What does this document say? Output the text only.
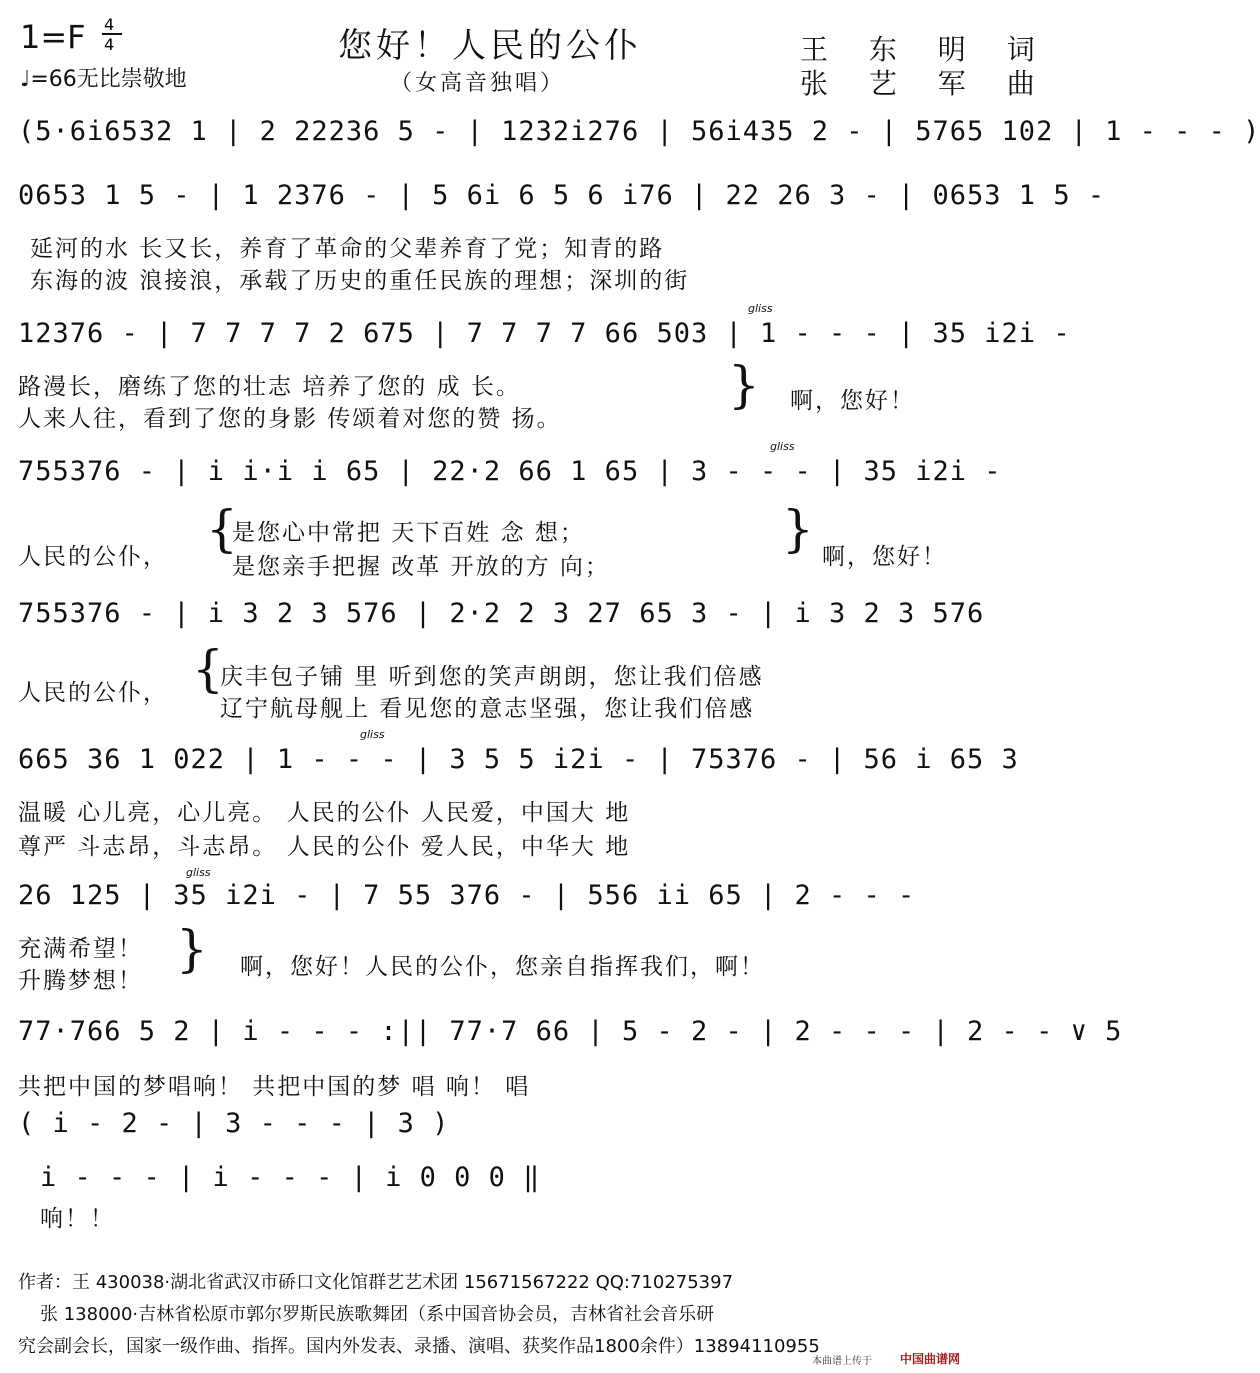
1=F 4
4
♩=66无比崇敬地
您好！人民的公仆
（女高音独唱）
王 东 明 词
张 艺 军 曲
(5·6i6532 1 | 2 22236 5 - | 1232i276 | 56i435 2 - | 5765 102 | 1 - - - )
0653 1 5 - | 1 2376 - | 5 6i 6 5 6 i76 | 22 26 3 - | 0653 1 5 -
延河的水 长又长，养育了革命的父辈养育了党；知青的路
东海的波 浪接浪，承载了历史的重任民族的理想；深圳的街
gliss
12376 - | 7 7 7 7 2 675 | 7 7 7 7 66 503 | 1 - - - | 35 i2i -
路漫长，磨练了您的壮志 培养了您的 成 长。
人来人往，看到了您的身影 传颂着对您的赞 扬。
} 啊，您好！
gliss
755376 - | i i·i i 65 | 22·2 66 1 65 | 3 - - - | 35 i2i -
人民的公仆， {
是您心中常把 天下百姓 念 想；
是您亲手把握 改革 开放的方 向；
} 啊，您好！
755376 - | i 3 2 3 576 | 2·2 2 3 27 65 3 - | i 3 2 3 576
人民的公仆， {
庆丰包子铺 里 听到您的笑声朗朗，您让我们倍感
辽宁航母舰上 看见您的意志坚强，您让我们倍感
gliss
665 36 1 022 | 1 - - - | 3 5 5 i2i - | 75376 - | 56 i 65 3
温暖 心儿亮，心儿亮。 人民的公仆 人民爱，中国大 地
尊严 斗志昂，斗志昂。 人民的公仆 爱人民，中华大 地
gliss
26 125 | 35 i2i - | 7 55 376 - | 556 ii 65 | 2 - - -
充满希望！
升腾梦想！
} 啊，您好！人民的公仆，您亲自指挥我们，啊！
77·766 5 2 | i - - - :|| 77·7 66 | 5 - 2 - | 2 - - - | 2 - - ∨ 5
共把中国的梦唱响！ 共把中国的梦 唱 响！ 唱
( i - 2 - | 3 - - - | 3 )
i - - - | i - - - | i 0 0 0 ‖
响！！
作者：王 430038·湖北省武汉市硚口文化馆群艺艺术团 15671567222 QQ:710275397
张 138000·吉林省松原市郭尔罗斯民族歌舞团（系中国音协会员，吉林省社会音乐研
究会副会长，国家一级作曲、指挥。国内外发表、录播、演唱、获奖作品1800余件）13894110955
本曲谱上传于 中国曲谱网
